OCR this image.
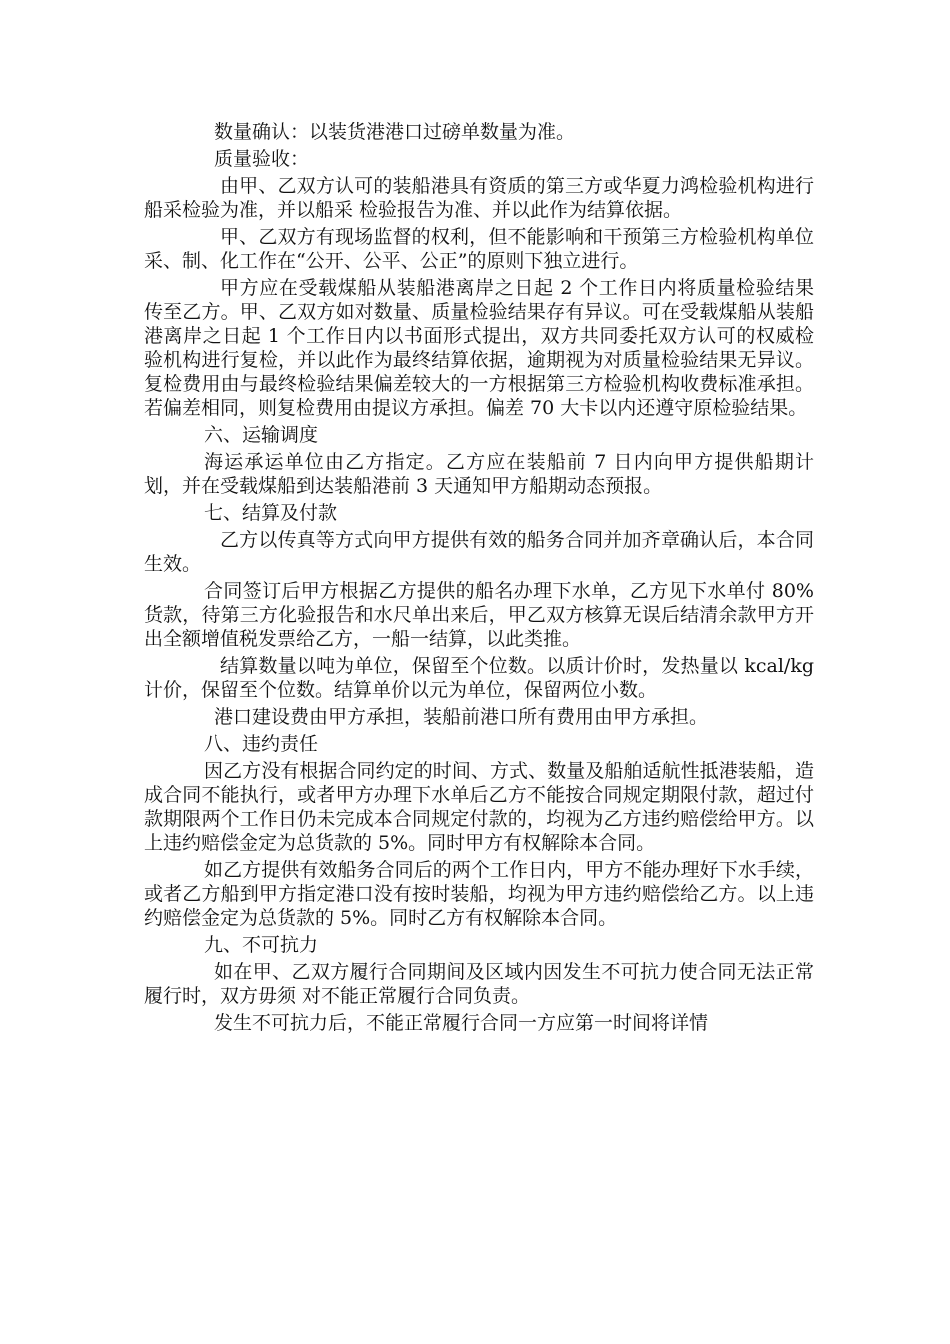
数量确认：以装货港港口过磅单数量为准。

质量验收：

由甲、乙双方认可的装船港具有资质的第三方或华夏力鸿检验机构进行船采检验为准，并以船采 检验报告为准、并以此作为结算依据。

甲、乙双方有现场监督的权利，但不能影响和干预第三方检验机构单位采、制、化工作在“公开、公平、公正”的原则下独立进行。

甲方应在受载煤船从装船港离岸之日起 2 个工作日内将质量检验结果传至乙方。甲、乙双方如对数量、质量检验结果存有异议。可在受载煤船从装船港离岸之日起 1 个工作日内以书面形式提出，双方共同委托双方认可的权威检验机构进行复检，并以此作为最终结算依据，逾期视为对质量检验结果无异议。复检费用由与最终检验结果偏差较大的一方根据第三方检验机构收费标准承担。若偏差相同，则复检费用由提议方承担。偏差 70 大卡以内还遵守原检验结果。

六、运输调度

海运承运单位由乙方指定。乙方应在装船前 7 日内向甲方提供船期计划，并在受载煤船到达装船港前 3 天通知甲方船期动态预报。

七、结算及付款

乙方以传真等方式向甲方提供有效的船务合同并加齐章确认后，本合同生效。

合同签订后甲方根据乙方提供的船名办理下水单，乙方见下水单付 80%货款，待第三方化验报告和水尺单出来后，甲乙双方核算无误后结清余款甲方开出全额增值税发票给乙方，一船一结算，以此类推。

结算数量以吨为单位，保留至个位数。以质计价时，发热量以 kcal/kg 计价，保留至个位数。结算单价以元为单位，保留两位小数。

港口建设费由甲方承担，装船前港口所有费用由甲方承担。

八、违约责任

因乙方没有根据合同约定的时间、方式、数量及船舶适航性抵港装船，造成合同不能执行，或者甲方办理下水单后乙方不能按合同规定期限付款，超过付款期限两个工作日仍未完成本合同规定付款的，均视为乙方违约赔偿给甲方。以上违约赔偿金定为总货款的 5%。同时甲方有权解除本合同。

如乙方提供有效船务合同后的两个工作日内，甲方不能办理好下水手续，或者乙方船到甲方指定港口没有按时装船，均视为甲方违约赔偿给乙方。以上违约赔偿金定为总货款的 5%。同时乙方有权解除本合同。

九、不可抗力

如在甲、乙双方履行合同期间及区域内因发生不可抗力使合同无法正常履行时，双方毋须 对不能正常履行合同负责。

发生不可抗力后，不能正常履行合同一方应第一时间将详情
